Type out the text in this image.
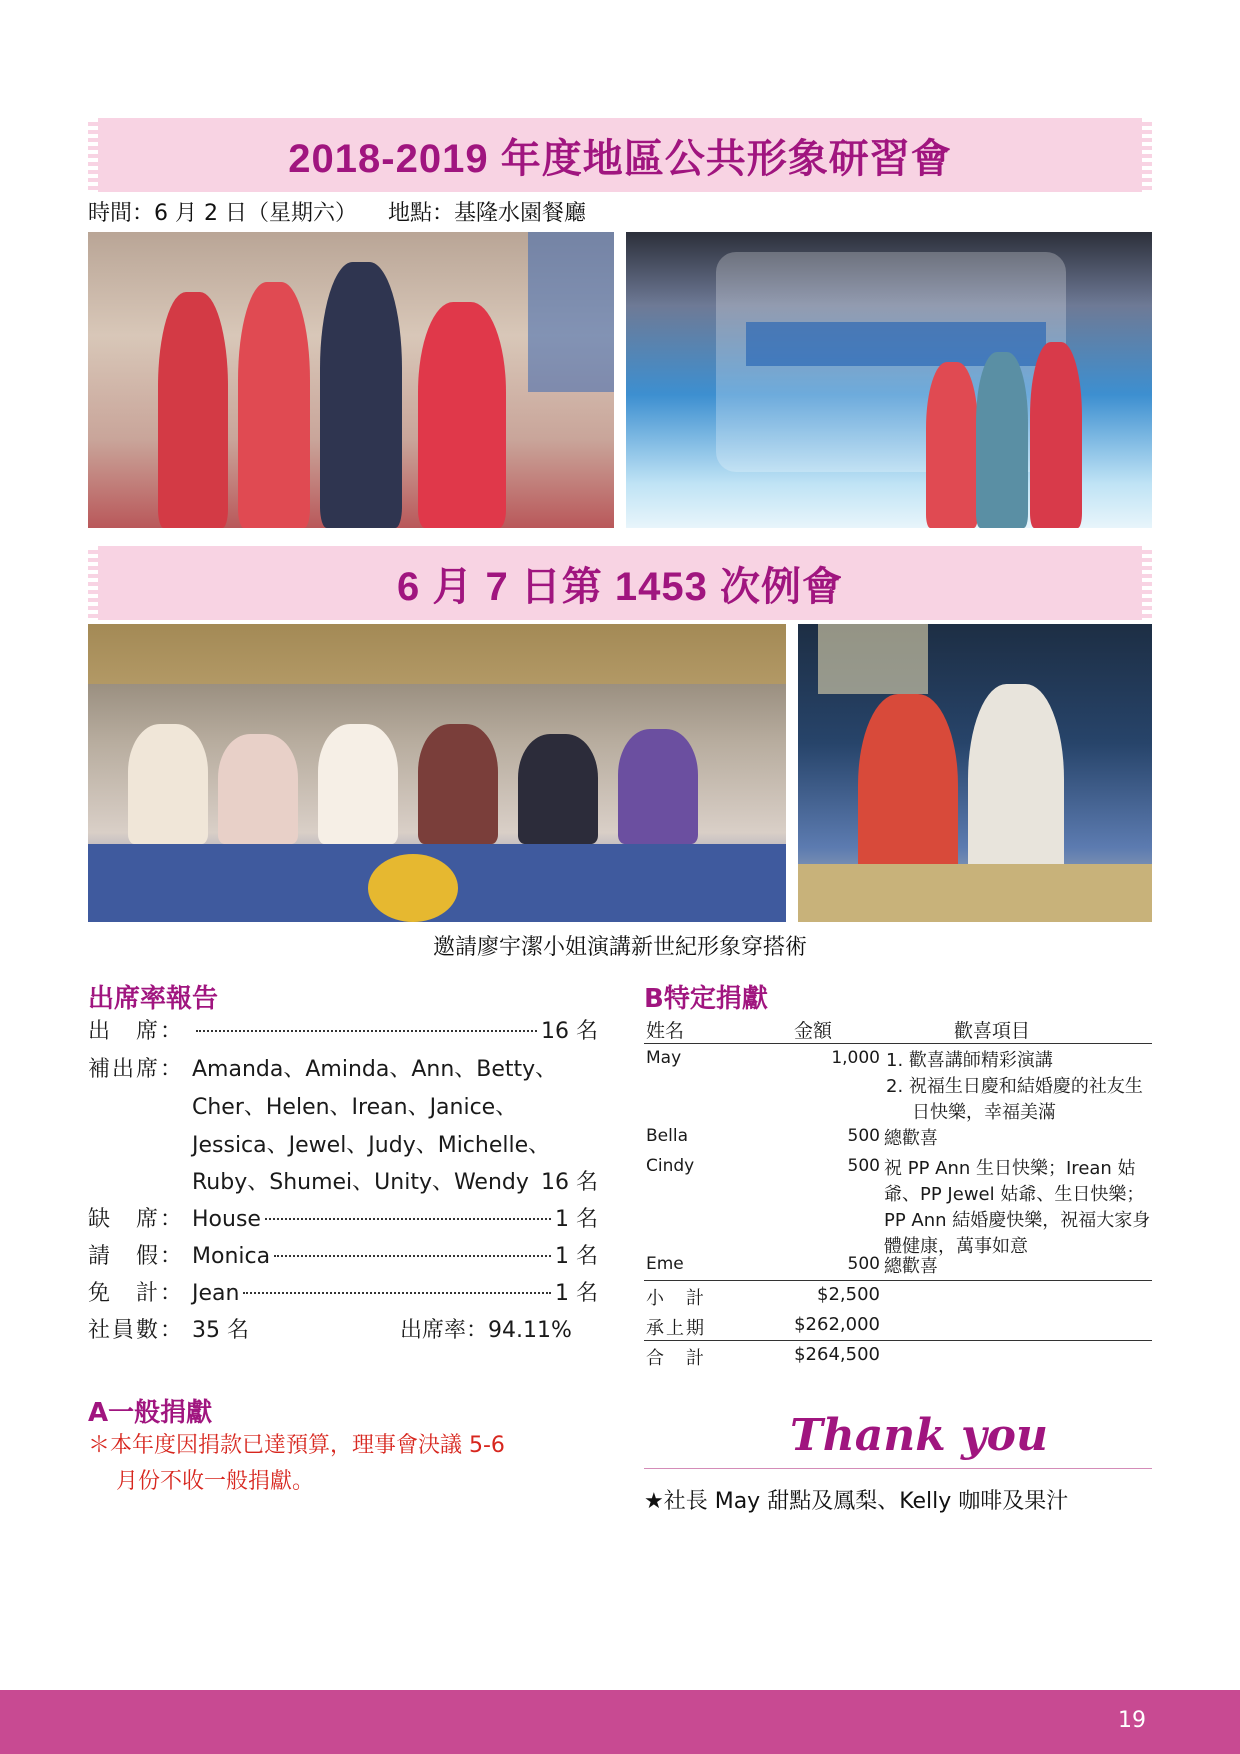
2018-2019 年度地區公共形象研習會
時間：6 月 2 日（星期六） 地點：基隆水園餐廳
6 月 7 日第 1453 次例會
邀請廖宇潔小姐演講新世紀形象穿搭術
出席率報告
出　席：	16 名
補出席： Amanda、Aminda、Ann、Betty、
Cher、Helen、Irean、Janice、
Jessica、Jewel、Judy、Michelle、
Ruby、Shumei、Unity、Wendy 16 名
缺　席： House	1 名
請　假： Monica	1 名
免　計： Jean	1 名
社員數： 35 名	出席率：94.11%
B特定捐獻
姓名	金額	歡喜項目
May	1,000 1. 歡喜講師精彩演講

2. 祝福生日慶和結婚慶的社友生日快樂，幸福美滿

Bella	500 總歡喜

Cindy	500 祝 PP Ann 生日快樂；Irean 姑爺、PP Jewel 姑爺、生日快樂；PP Ann 結婚慶快樂，祝福大家身體健康，萬事如意

Eme	500 總歡喜

小　計	$2,500
承上期	$262,000
合　計	$264,500
A一般捐獻
＊本年度因捐款已達預算，理事會決議 5-6
月份不收一般捐獻。
Thank you
★社長 May 甜點及鳳梨、Kelly 咖啡及果汁
19
